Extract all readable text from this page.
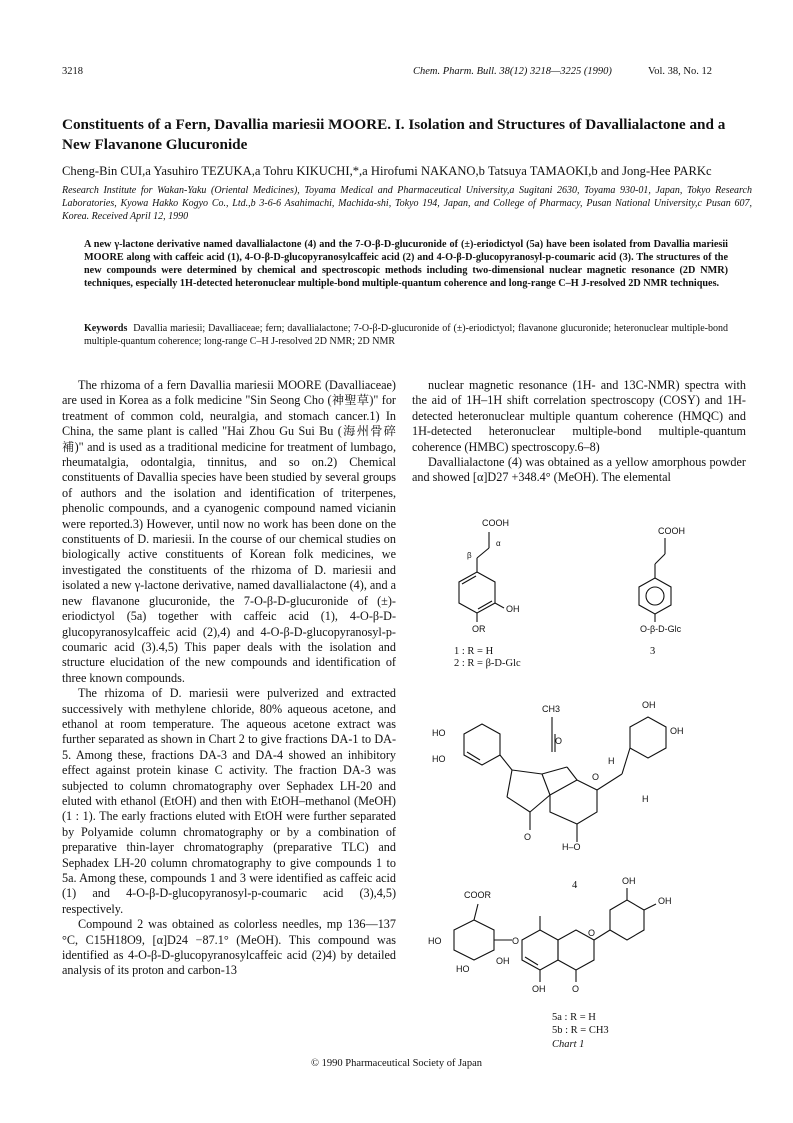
3218	Chem. Pharm. Bull. 38(12) 3218—3225 (1990)	Vol. 38, No. 12
Constituents of a Fern, Davallia mariesii MOORE. I. Isolation and Structures of Davallialactone and a New Flavanone Glucuronide
Cheng-Bin CUI,a Yasuhiro TEZUKA,a Tohru KIKUCHI,*,a Hirofumi NAKANO,b Tatsuya TAMAOKI,b and Jong-Hee PARKc
Research Institute for Wakan-Yaku (Oriental Medicines), Toyama Medical and Pharmaceutical University,a Sugitani 2630, Toyama 930-01, Japan, Tokyo Research Laboratories, Kyowa Hakko Kogyo Co., Ltd.,b 3-6-6 Asahimachi, Machida-shi, Tokyo 194, Japan, and College of Pharmacy, Pusan National University,c Pusan 607, Korea. Received April 12, 1990

A new γ-lactone derivative named davallialactone (4) and the 7-O-β-D-glucuronide of (±)-eriodictyol (5a) have been isolated from Davallia mariesii MOORE along with caffeic acid (1), 4-O-β-D-glucopyranosylcaffeic acid (2) and 4-O-β-D-glucopyranosyl-p-coumaric acid (3). The structures of the new compounds were determined by chemical and spectroscopic methods including two-dimensional nuclear magnetic resonance (2D NMR) techniques, especially 1H-detected heteronuclear multiple-bond multiple-quantum coherence and long-range C–H J-resolved 2D NMR techniques.

Keywords Davallia mariesii; Davalliaceae; fern; davallialactone; 7-O-β-D-glucuronide of (±)-eriodictyol; flavanone glucuronide; heteronuclear multiple-bond multiple-quantum coherence; long-range C–H J-resolved 2D NMR; 2D NMR

The rhizoma of a fern Davallia mariesii MOORE (Davalliaceae) are used in Korea as a folk medicine "Sin Seong Cho (神聖草)" for treatment of common cold, neuralgia, and stomach cancer.1) In China, the same plant is called "Hai Zhou Gu Sui Bu (海州骨碎補)" and is used as a traditional medicine for treatment of lumbago, rheumatalgia, odontalgia, tinnitus, and so on.2) Chemical constituents of Davallia species have been studied by several groups of authors and the isolation and identification of triterpenes, phenolic compounds, and a cyanogenic compound named vicianin were reported.3) However, until now no work has been done on the constituents of D. mariesii. In the course of our chemical studies on biologically active constituents of Korean folk medicines, we investigated the constituents of the rhizoma of D. mariesii and isolated a new γ-lactone derivative, named davallialactone (4), and a new flavanone glucuronide, the 7-O-β-D-glucuronide of (±)-eriodictyol (5a) together with caffeic acid (1), 4-O-β-D-glucopyranosylcaffeic acid (2),4) and 4-O-β-D-glucopyranosyl-p-coumaric acid (3).4,5) This paper deals with the isolation and structure elucidation of the new compounds and identification of three known compounds.

The rhizoma of D. mariesii were pulverized and extracted successively with methylene chloride, 80% aqueous acetone, and ethanol at room temperature. The aqueous acetone extract was further separated as shown in Chart 2 to give fractions DA-1 to DA-5. Among these, fractions DA-3 and DA-4 showed an inhibitory effect against protein kinase C activity. The fraction DA-3 was subjected to column chromatography over Sephadex LH-20 and eluted with ethanol (EtOH) and then with EtOH–methanol (MeOH) (1 : 1). The early fractions eluted with EtOH were further separated by Polyamide column chromatography or by a combination of preparative thin-layer chromatography (preparative TLC) and Sephadex LH-20 column chromatography to give compounds 1 to 5a. Among these, compounds 1 and 3 were identified as caffeic acid (1) and 4-O-β-D-glucopyranosyl-p-coumaric acid (3),4,5) respectively.

Compound 2 was obtained as colorless needles, mp 136—137 °C, C15H18O9, [α]D24 −87.1° (MeOH). This compound was identified as 4-O-β-D-glucopyranosylcaffeic acid (2)4) by detailed analysis of its proton and carbon-13

nuclear magnetic resonance (1H- and 13C-NMR) spectra with the aid of 1H–1H shift correlation spectroscopy (COSY) and 1H-detected heteronuclear multiple quantum coherence (HMQC) and 1H-detected heteronuclear multiple-bond multiple-quantum coherence (HMBC) spectroscopy.6–8)

Davallialactone (4) was obtained as a yellow amorphous powder and showed [α]D27 +348.4° (MeOH). The elemental

COOH
α
β
OH
OR
1 : R = H
2 : R = β-D-Glc
COOH
O-β-D-Glc
3
CH3
O
O
O
H–O
OH
OH
HO
HO	H
H
4
COOR
HO
HO
OH
O
O
OH	O
OH
OH
5a : R = H
5b : R = CH3
Chart 1
© 1990 Pharmaceutical Society of Japan
